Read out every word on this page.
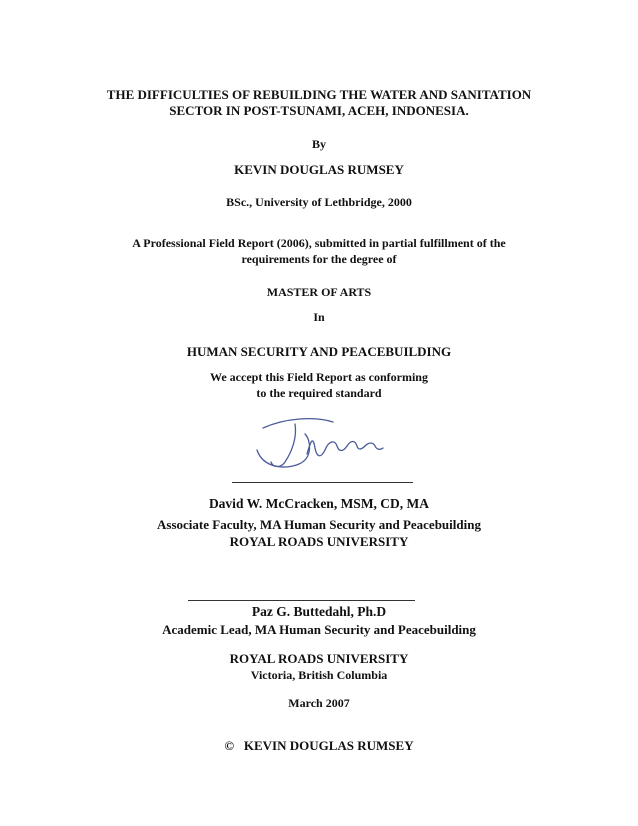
THE DIFFICULTIES OF REBUILDING THE WATER AND SANITATION
SECTOR IN POST-TSUNAMI, ACEH, INDONESIA.
By
KEVIN DOUGLAS RUMSEY
BSc., University of Lethbridge, 2000
A Professional Field Report (2006), submitted in partial fulfillment of the
requirements for the degree of
MASTER OF ARTS
In
HUMAN SECURITY AND PEACEBUILDING
We accept this Field Report as conforming
to the required standard
David W. McCracken, MSM, CD, MA
Associate Faculty, MA Human Security and Peacebuilding
ROYAL ROADS UNIVERSITY
Paz G. Buttedahl, Ph.D
Academic Lead, MA Human Security and Peacebuilding
ROYAL ROADS UNIVERSITY
Victoria, British Columbia
March 2007
©   KEVIN DOUGLAS RUMSEY
